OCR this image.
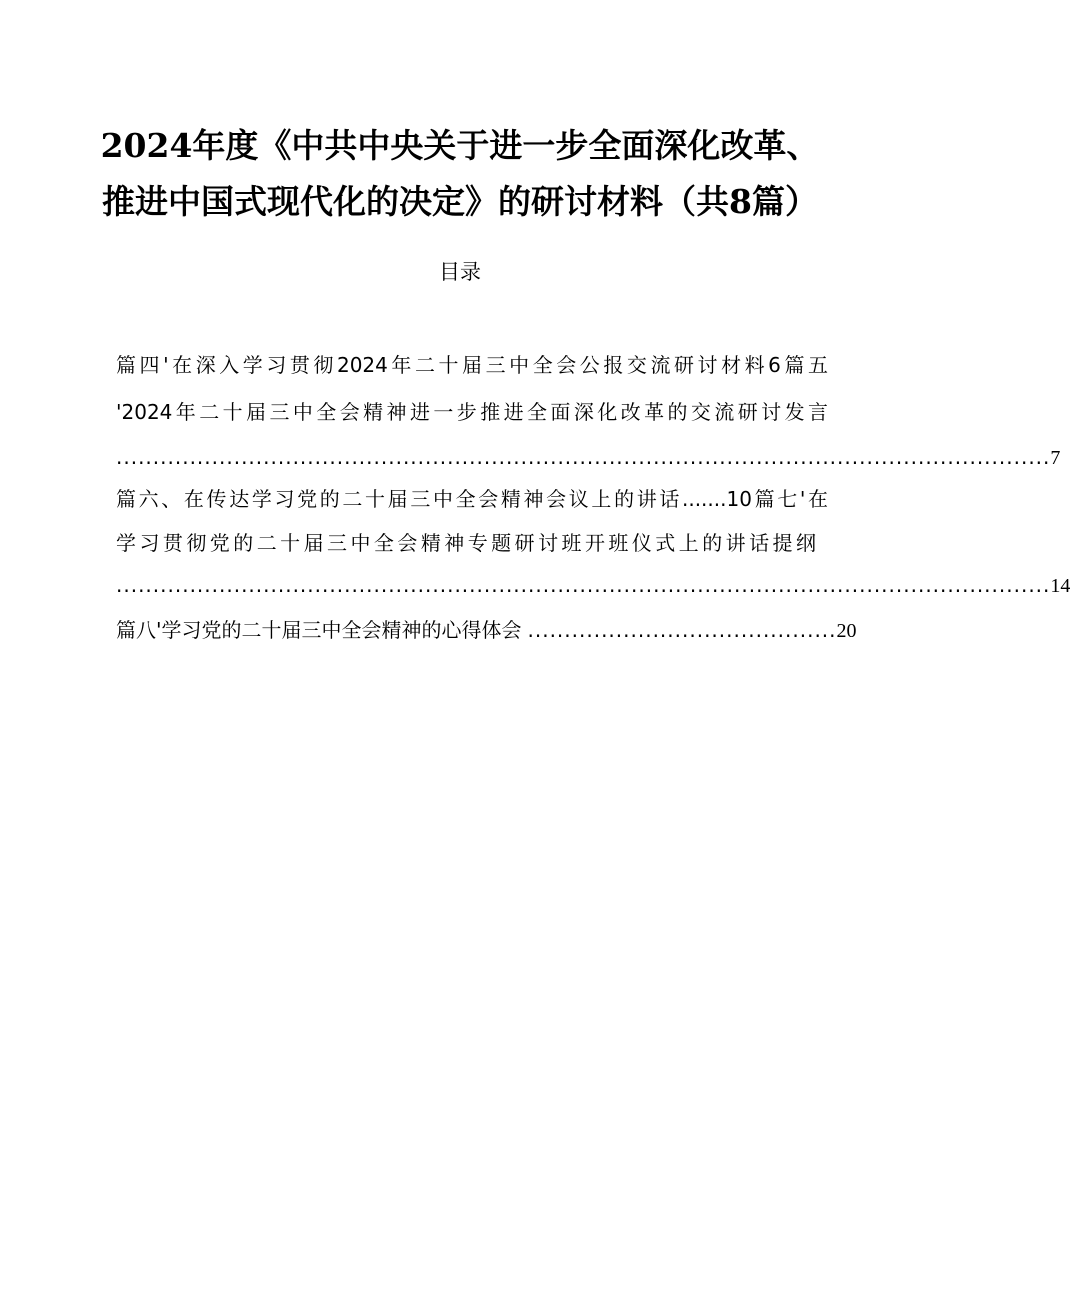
2024年度《中共中央关于进一步全面深化改革、
推进中国式现代化的决定》的研讨材料（共8篇）
目录
篇四'在深入学习贯彻2024年二十届三中全会公报交流研讨材料6篇五
'2024年二十届三中全会精神进一步推进全面深化改革的交流研讨发言
............................................................................................................................... 7
篇六、在传达学习党的二十届三中全会精神会议上的讲话.......10篇七'在
学习贯彻党的二十届三中全会精神专题研讨班开班仪式上的讲话提纲
............................................................................................................................... 14
篇八'学习党的二十届三中全会精神的心得体会 .......................................... 20
